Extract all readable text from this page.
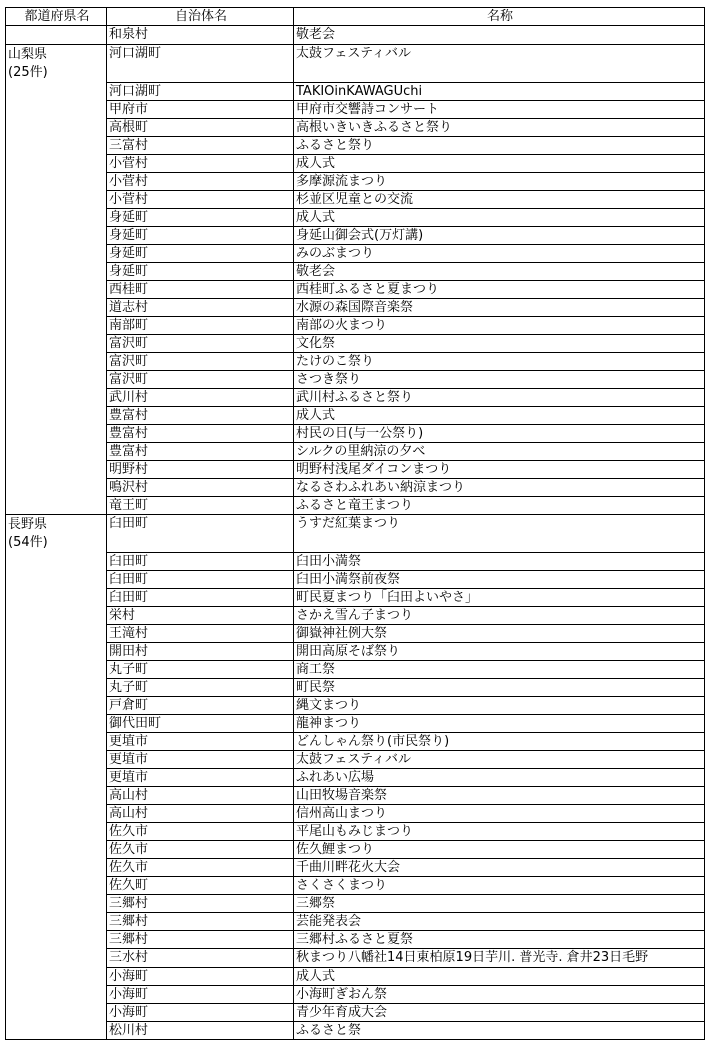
都道府県名	自治体名	名称
	和泉村	敬老会
山梨県
(25件)	河口湖町	太鼓フェスティバル
	河口湖町	TAKIOinKAWAGUchi
	甲府市	甲府市交響詩コンサート
	高根町	高根いきいきふるさと祭り
	三富村	ふるさと祭り
	小菅村	成人式
	小菅村	多摩源流まつり
	小菅村	杉並区児童との交流
	身延町	成人式
	身延町	身延山御会式(万灯講)
	身延町	みのぶまつり
	身延町	敬老会
	西桂町	西桂町ふるさと夏まつり
	道志村	水源の森国際音楽祭
	南部町	南部の火まつり
	富沢町	文化祭
	富沢町	たけのこ祭り
	富沢町	さつき祭り
	武川村	武川村ふるさと祭り
	豊富村	成人式
	豊富村	村民の日(与一公祭り)
	豊富村	シルクの里納涼の夕べ
	明野村	明野村浅尾ダイコンまつり
	鳴沢村	なるさわふれあい納涼まつり
	竜王町	ふるさと竜王まつり
長野県
(54件)	臼田町	うすだ紅葉まつり
	臼田町	臼田小満祭
	臼田町	臼田小満祭前夜祭
	臼田町	町民夏まつり「臼田よいやさ」
	栄村	さかえ雪ん子まつり
	王滝村	御嶽神社例大祭
	開田村	開田高原そば祭り
	丸子町	商工祭
	丸子町	町民祭
	戸倉町	縄文まつり
	御代田町	龍神まつり
	更埴市	どんしゃん祭り(市民祭り)
	更埴市	太鼓フェスティバル
	更埴市	ふれあい広場
	高山村	山田牧場音楽祭
	高山村	信州高山まつり
	佐久市	平尾山もみじまつり
	佐久市	佐久鯉まつり
	佐久市	千曲川畔花火大会
	佐久町	さくさくまつり
	三郷村	三郷祭
	三郷村	芸能発表会
	三郷村	三郷村ふるさと夏祭
	三水村	秋まつり八幡社14日東柏原19日芋川. 普光寺. 倉井23日毛野
	小海町	成人式
	小海町	小海町ぎおん祭
	小海町	青少年育成大会
	松川村	ふるさと祭
